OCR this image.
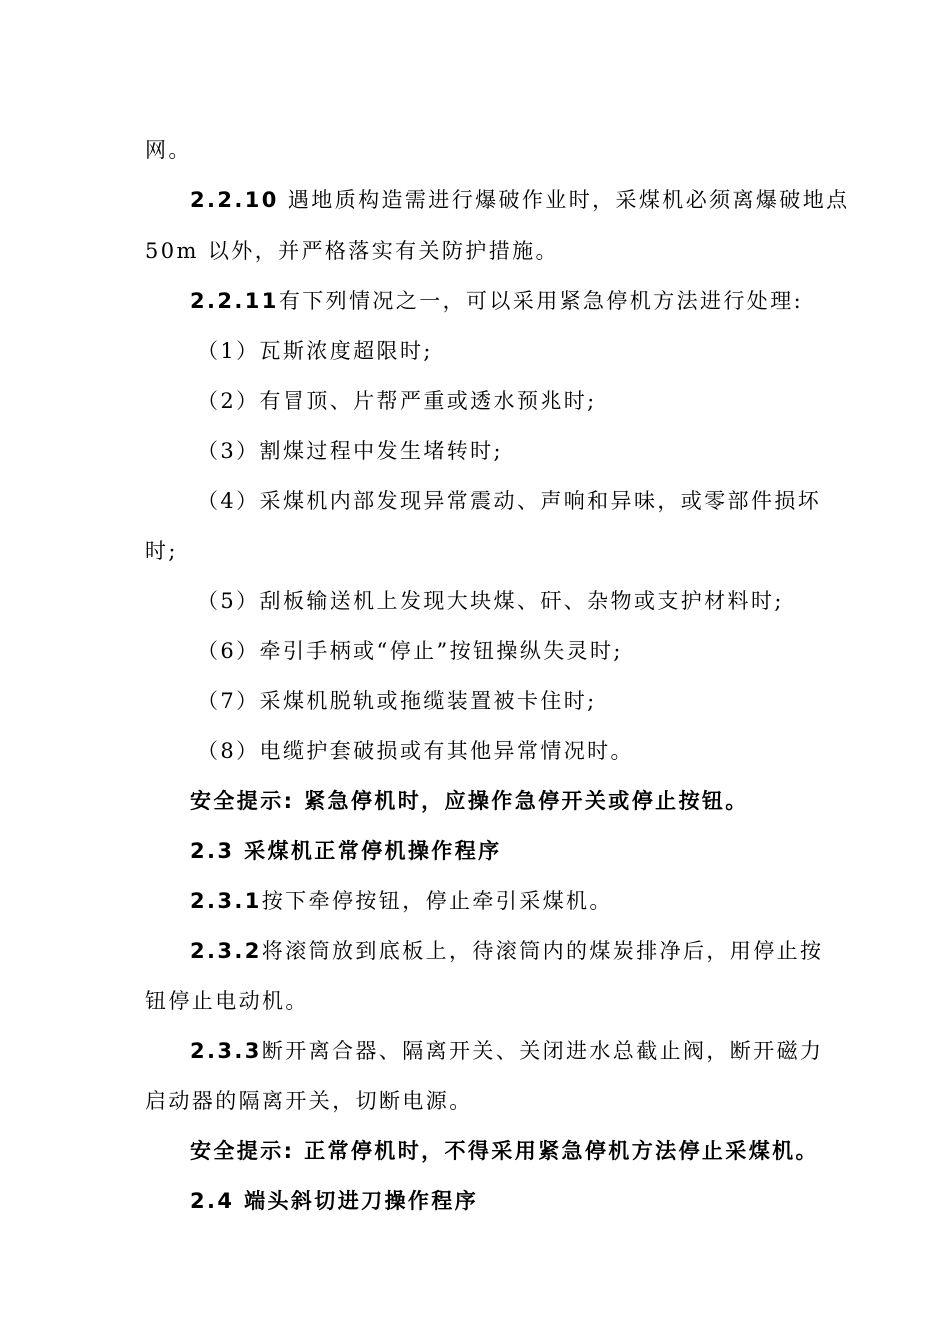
网。
2.2.10 遇地质构造需进行爆破作业时，采煤机必须离爆破地点
50m 以外，并严格落实有关防护措施。
2.2.11有下列情况之一，可以采用紧急停机方法进行处理:
（1）瓦斯浓度超限时;
（2）有冒顶、片帮严重或透水预兆时;
（3）割煤过程中发生堵转时;
（4）采煤机内部发现异常震动、声响和异味，或零部件损坏
时;
（5）刮板输送机上发现大块煤、矸、杂物或支护材料时;
（6）牵引手柄或“停止”按钮操纵失灵时;
（7）采煤机脱轨或拖缆装置被卡住时;
（8）电缆护套破损或有其他异常情况时。
安全提示: 紧急停机时，应操作急停开关或停止按钮。
2.3 采煤机正常停机操作程序
2.3.1按下牵停按钮，停止牵引采煤机。
2.3.2将滚筒放到底板上，待滚筒内的煤炭排净后，用停止按
钮停止电动机。
2.3.3断开离合器、隔离开关、关闭进水总截止阀，断开磁力
启动器的隔离开关，切断电源。
安全提示: 正常停机时，不得采用紧急停机方法停止采煤机。
2.4 端头斜切进刀操作程序
